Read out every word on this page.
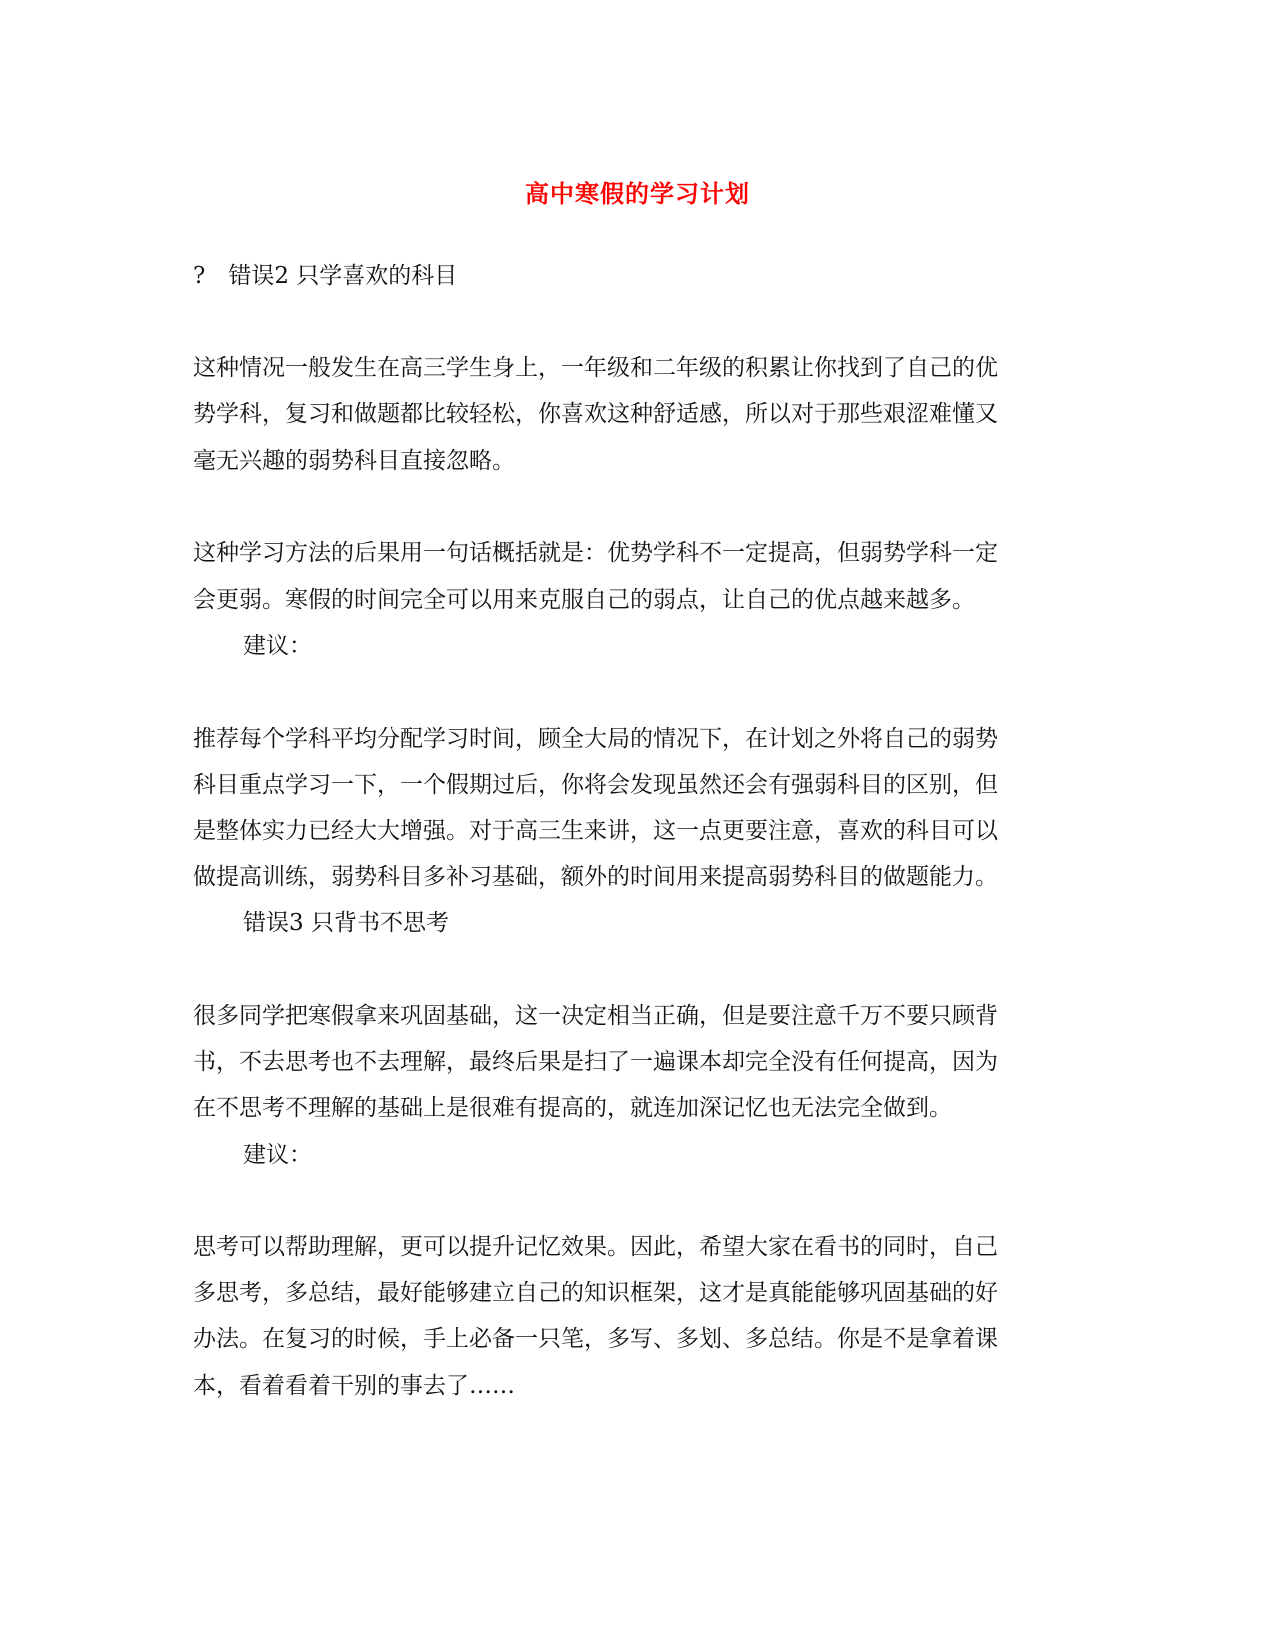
高中寒假的学习计划
?　错误2 只学喜欢的科目
这种情况一般发生在高三学生身上，一年级和二年级的积累让你找到了自己的优
势学科，复习和做题都比较轻松，你喜欢这种舒适感，所以对于那些艰涩难懂又
毫无兴趣的弱势科目直接忽略。
这种学习方法的后果用一句话概括就是：优势学科不一定提高，但弱势学科一定
会更弱。寒假的时间完全可以用来克服自己的弱点，让自己的优点越来越多。
建议：
推荐每个学科平均分配学习时间，顾全大局的情况下，在计划之外将自己的弱势
科目重点学习一下，一个假期过后，你将会发现虽然还会有强弱科目的区别，但
是整体实力已经大大增强。对于高三生来讲，这一点更要注意，喜欢的科目可以
做提高训练，弱势科目多补习基础，额外的时间用来提高弱势科目的做题能力。
错误3 只背书不思考
很多同学把寒假拿来巩固基础，这一决定相当正确，但是要注意千万不要只顾背
书，不去思考也不去理解，最终后果是扫了一遍课本却完全没有任何提高，因为
在不思考不理解的基础上是很难有提高的，就连加深记忆也无法完全做到。
建议：
思考可以帮助理解，更可以提升记忆效果。因此，希望大家在看书的同时，自己
多思考，多总结，最好能够建立自己的知识框架，这才是真能能够巩固基础的好
办法。在复习的时候，手上必备一只笔，多写、多划、多总结。你是不是拿着课
本，看着看着干别的事去了……
